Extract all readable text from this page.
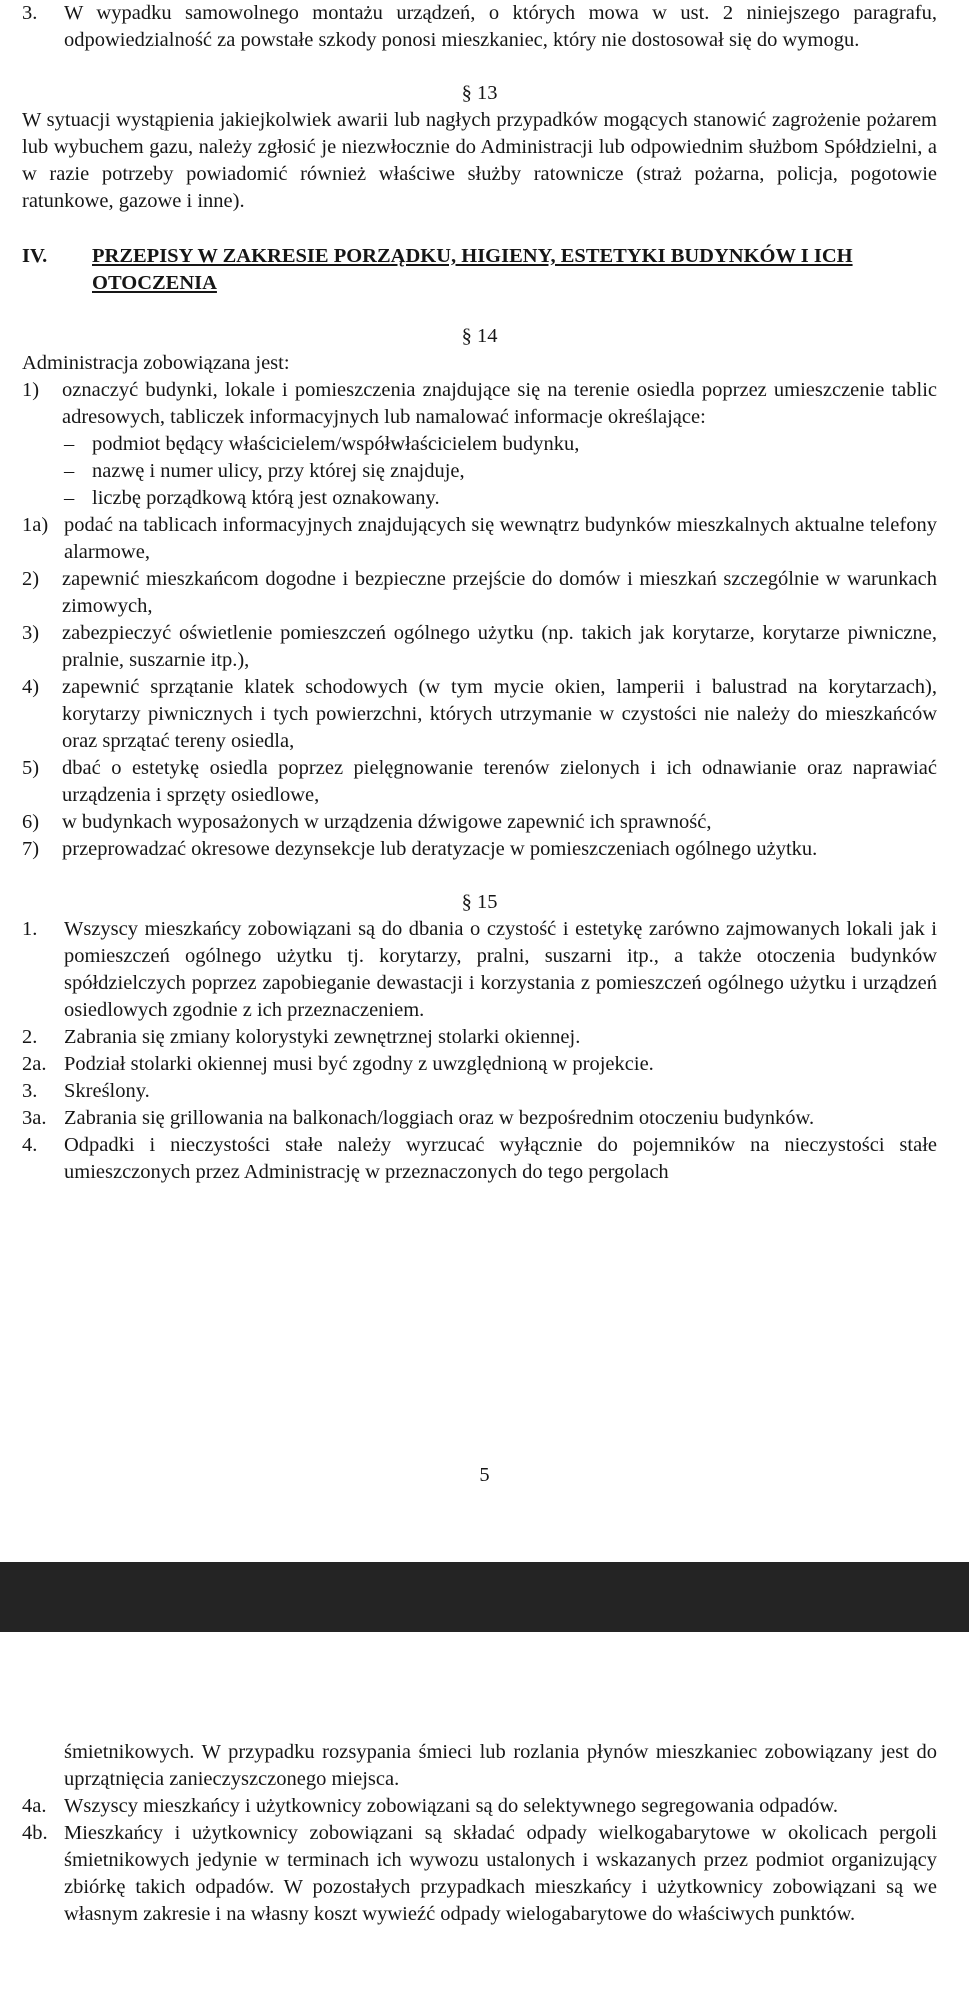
3.	W wypadku samowolnego montażu urządzeń, o których mowa w ust. 2 niniejszego paragrafu, odpowiedzialność za powstałe szkody ponosi mieszkaniec, który nie dostosował się do wymogu.
§ 13
W sytuacji wystąpienia jakiejkolwiek awarii lub nagłych przypadków mogących stanowić zagrożenie pożarem lub wybuchem gazu, należy zgłosić je niezwłocznie do Administracji lub odpowiednim służbom Spółdzielni, a w razie potrzeby powiadomić również właściwe służby ratownicze (straż pożarna, policja, pogotowie ratunkowe, gazowe i inne).
IV.	PRZEPISY W ZAKRESIE PORZĄDKU, HIGIENY, ESTETYKI BUDYNKÓW I ICH OTOCZENIA
§ 14
Administracja zobowiązana jest:
1)	oznaczyć budynki, lokale i pomieszczenia znajdujące się na terenie osiedla poprzez umieszczenie tablic adresowych, tabliczek informacyjnych lub namalować informacje określające:
– podmiot będący właścicielem/współwłaścicielem budynku,
– nazwę i numer ulicy, przy której się znajduje,
– liczbę porządkową którą jest oznakowany.
1a) podać na tablicach informacyjnych znajdujących się wewnątrz budynków mieszkalnych aktualne telefony alarmowe,
2)	zapewnić mieszkańcom dogodne i bezpieczne przejście do domów i mieszkań szczególnie w warunkach zimowych,
3)	zabezpieczyć oświetlenie pomieszczeń ogólnego użytku (np. takich jak korytarze, korytarze piwniczne, pralnie, suszarnie itp.),
4)	zapewnić sprzątanie klatek schodowych (w tym mycie okien, lamperii i balustrad na korytarzach), korytarzy piwnicznych i tych powierzchni, których utrzymanie w czystości nie należy do mieszkańców oraz sprzątać tereny osiedla,
5)	dbać o estetykę osiedla poprzez pielęgnowanie terenów zielonych i ich odnawianie oraz naprawiać urządzenia i sprzęty osiedlowe,
6)	w budynkach wyposażonych w urządzenia dźwigowe zapewnić ich sprawność,
7)	przeprowadzać okresowe dezynsekcje lub deratyzacje w pomieszczeniach ogólnego użytku.
§ 15
1.	Wszyscy mieszkańcy zobowiązani są do dbania o czystość i estetykę zarówno zajmowanych lokali jak i pomieszczeń ogólnego użytku tj. korytarzy, pralni, suszarni itp., a także otoczenia budynków spółdzielczych poprzez zapobieganie dewastacji i korzystania z pomieszczeń ogólnego użytku i urządzeń osiedlowych zgodnie z ich przeznaczeniem.
2.	Zabrania się zmiany kolorystyki zewnętrznej stolarki okiennej.
2a. Podział stolarki okiennej musi być zgodny z uwzględnioną w projekcie.
3.	Skreślony.
3a. Zabrania się grillowania na balkonach/loggiach oraz w bezpośrednim otoczeniu budynków.
4.	Odpadki i nieczystości stałe należy wyrzucać wyłącznie do pojemników na nieczystości stałe umieszczonych przez Administrację w przeznaczonych do tego pergolach
5
śmietnikowych. W przypadku rozsypania śmieci lub rozlania płynów mieszkaniec zobowiązany jest do uprzątnięcia zanieczyszczonego miejsca.
4a. Wszyscy mieszkańcy i użytkownicy zobowiązani są do selektywnego segregowania odpadów.
4b. Mieszkańcy i użytkownicy zobowiązani są składać odpady wielkogabarytowe w okolicach pergoli śmietnikowych jedynie w terminach ich wywozu ustalonych i wskazanych przez podmiot organizujący zbiórkę takich odpadów. W pozostałych przypadkach mieszkańcy i użytkownicy zobowiązani są we własnym zakresie i na własny koszt wywieźć odpady wielogabarytowe do właściwych punktów.
